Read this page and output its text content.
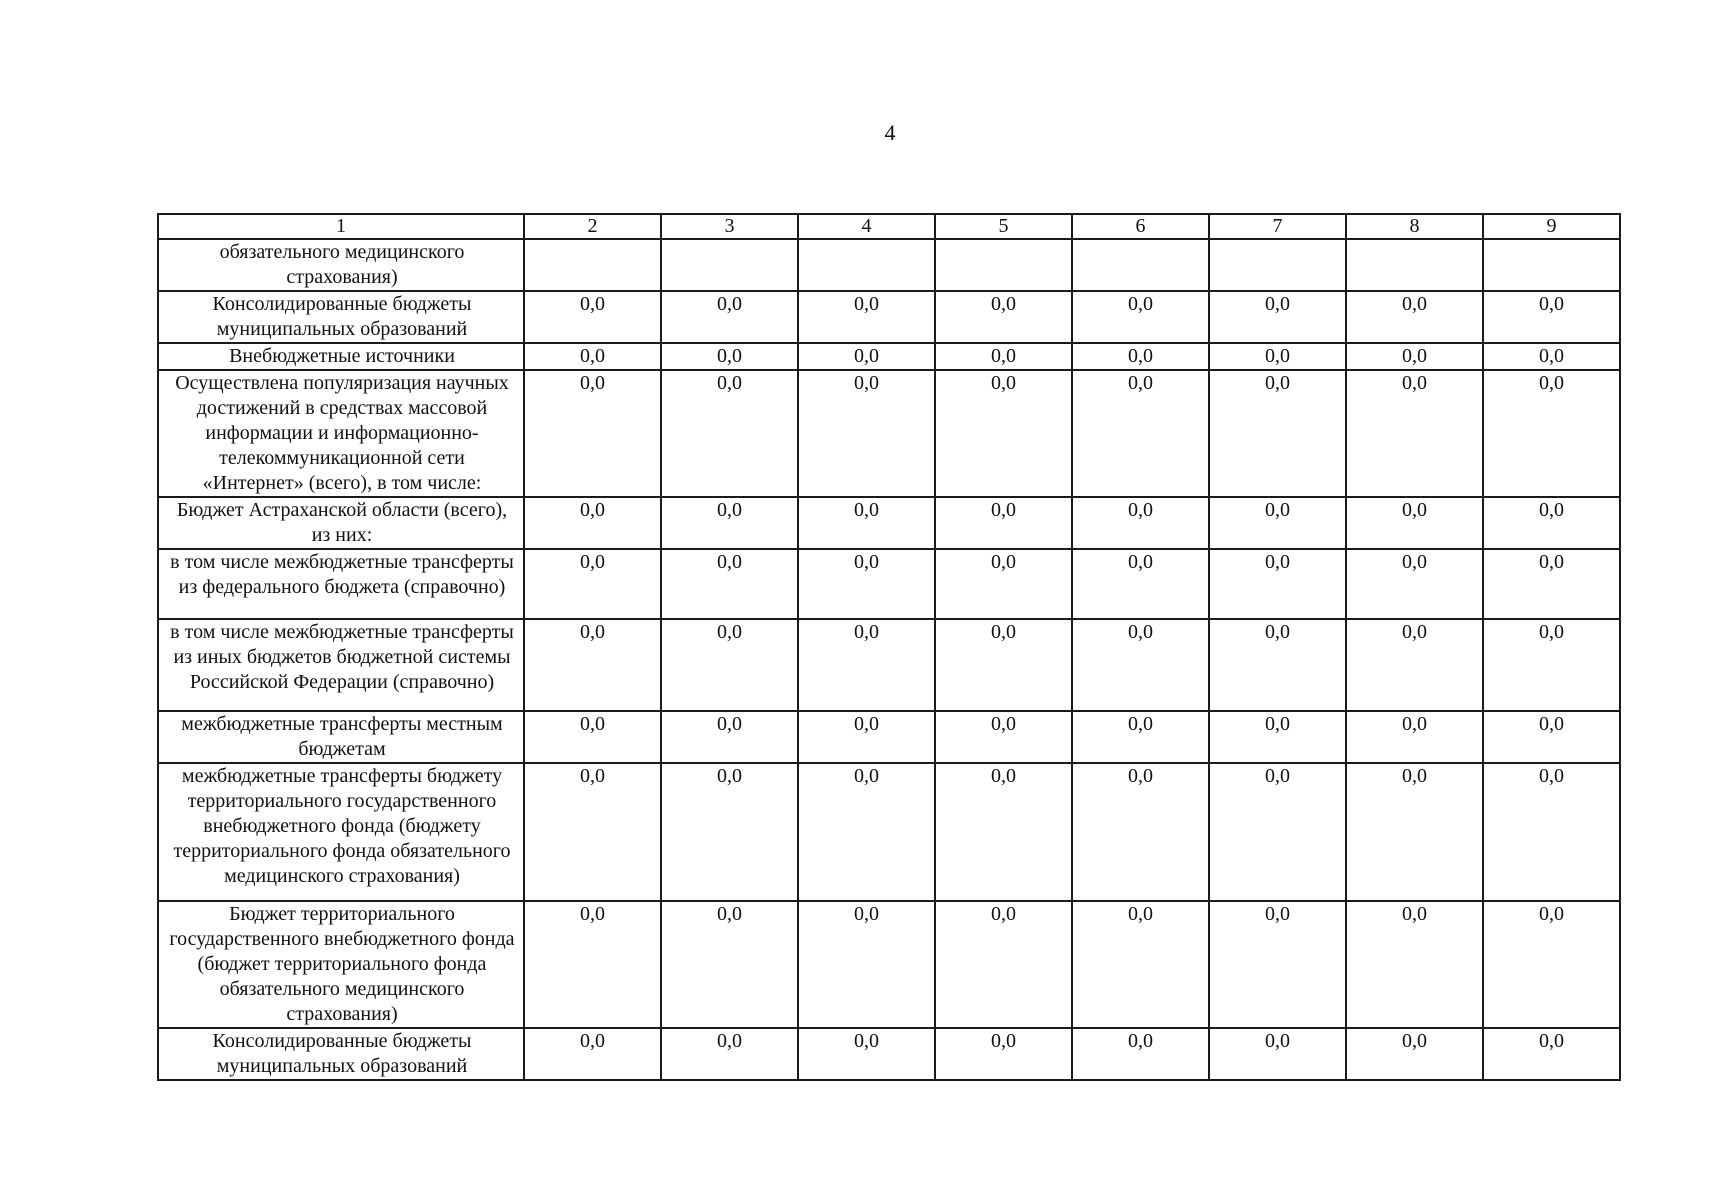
4
1	2	3	4	5	6	7	8	9
обязательного медицинского страхования)								
Консолидированные бюджеты муниципальных образований	0,0	0,0	0,0	0,0	0,0	0,0	0,0	0,0
Внебюджетные источники	0,0	0,0	0,0	0,0	0,0	0,0	0,0	0,0
Осуществлена популяризация научных достижений в средствах массовой информации и информационно-телекоммуникационной сети «Интернет» (всего), в том числе:	0,0	0,0	0,0	0,0	0,0	0,0	0,0	0,0
Бюджет Астраханской области (всего), из них:	0,0	0,0	0,0	0,0	0,0	0,0	0,0	0,0
в том числе межбюджетные трансферты из федерального бюджета (справочно)	0,0	0,0	0,0	0,0	0,0	0,0	0,0	0,0
в том числе межбюджетные трансферты из иных бюджетов бюджетной системы Российской Федерации (справочно)	0,0	0,0	0,0	0,0	0,0	0,0	0,0	0,0
межбюджетные трансферты местным бюджетам	0,0	0,0	0,0	0,0	0,0	0,0	0,0	0,0
межбюджетные трансферты бюджету территориального государственного внебюджетного фонда (бюджету территориального фонда обязательного медицинского страхования)	0,0	0,0	0,0	0,0	0,0	0,0	0,0	0,0
Бюджет территориального государственного внебюджетного фонда (бюджет территориального фонда обязательного медицинского страхования)	0,0	0,0	0,0	0,0	0,0	0,0	0,0	0,0
Консолидированные бюджеты муниципальных образований	0,0	0,0	0,0	0,0	0,0	0,0	0,0	0,0
